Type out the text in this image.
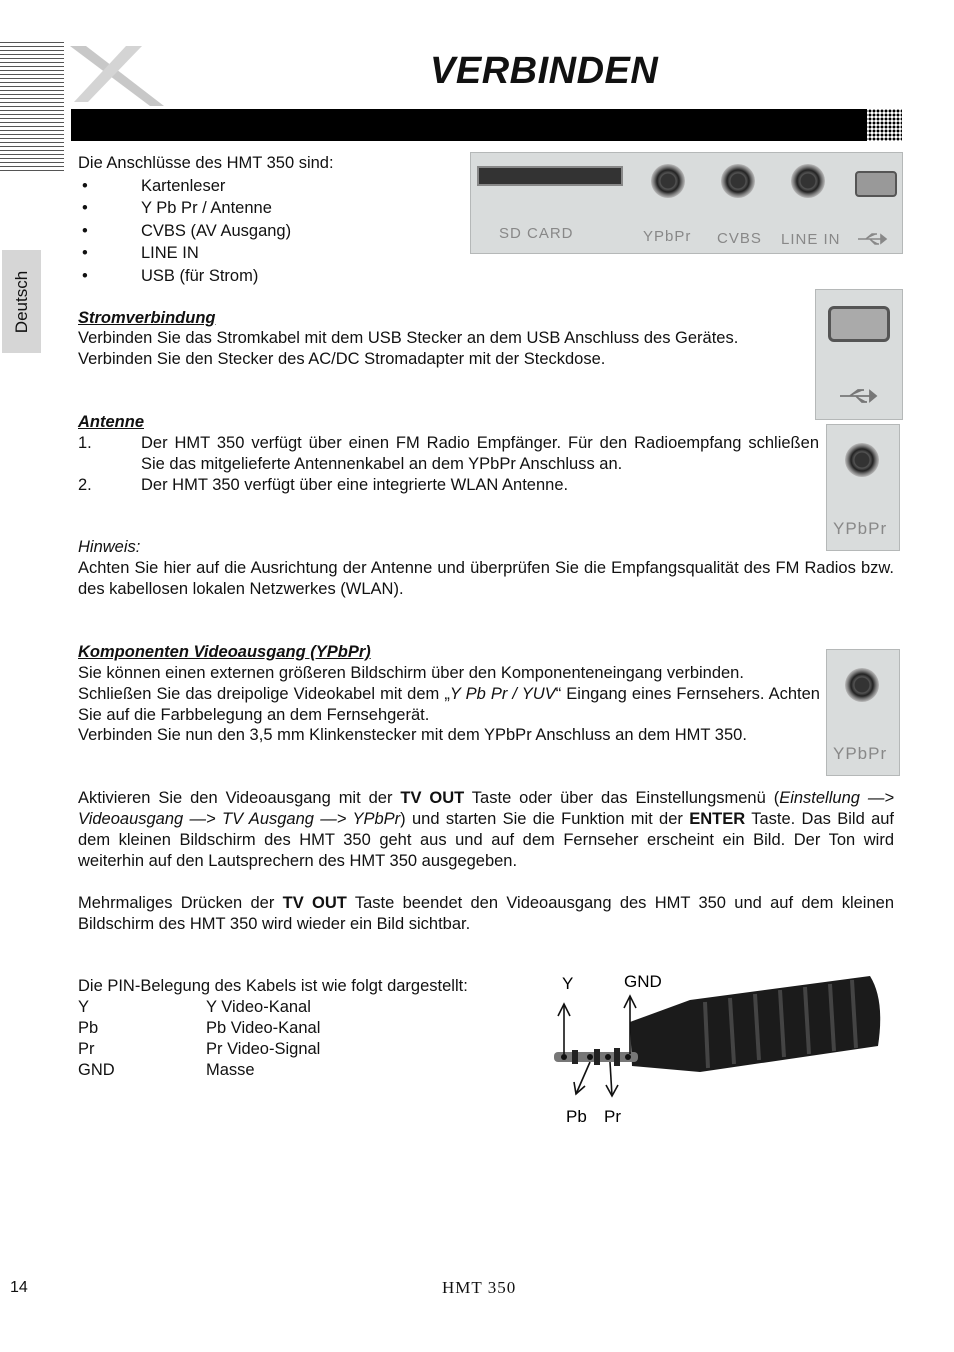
VERBINDEN
Deutsch
Die Anschlüsse des HMT 350 sind:
•	Kartenleser
•	Y Pb Pr / Antenne
•	CVBS (AV Ausgang)
•	LINE IN
•	USB (für Strom)
SD CARD	YPbPr CVBS LINE IN
Stromverbindung
Verbinden Sie das Stromkabel mit dem USB Stecker an dem USB Anschluss des Gerätes.
Verbinden Sie den Stecker des AC/DC Stromadapter mit der Steckdose.
Antenne
1.	Der HMT 350 verfügt über einen FM Radio Empfänger. Für den Radioempfang schließen Sie das mitgelieferte Antennenkabel an dem YPbPr Anschluss an.
2.	Der HMT 350 verfügt über eine integrierte WLAN Antenne.
YPbPr
Hinweis:
Achten Sie hier auf die Ausrichtung der Antenne und überprüfen Sie die Empfangsqualität des FM Radios bzw. des kabellosen lokalen Netzwerkes (WLAN).
Komponenten Videoausgang (YPbPr)
Sie können einen externen größeren Bildschirm über den Komponenteneingang verbinden.
Schließen Sie das dreipolige Videokabel mit dem „Y Pb Pr / YUV“ Eingang eines Fernsehers. Achten Sie auf die Farbbelegung an dem Fernsehgerät.
Verbinden Sie nun den 3,5 mm Klinkenstecker mit dem YPbPr Anschluss an dem HMT 350.
YPbPr
Aktivieren Sie den Videoausgang mit der TV OUT Taste oder über das Einstellungsmenü (Einstellung —> Videoausgang —> TV Ausgang —> YPbPr) und starten Sie die Funktion mit der ENTER Taste. Das Bild auf dem kleinen Bildschirm des HMT 350 geht aus und auf dem Fernseher erscheint ein Bild. Der Ton wird weiterhin auf den Lautsprechern des HMT 350 ausgegeben.
Mehrmaliges Drücken der TV OUT Taste beendet den Videoausgang des HMT 350 und auf dem kleinen Bildschirm des HMT 350 wird wieder ein Bild sichtbar.
Die PIN-Belegung des Kabels ist wie folgt dargestellt:
Y	Y Video-Kanal
Pb	Pb Video-Kanal
Pr	Pr Video-Signal
GND	Masse
Y	GND
Pb Pr
14	HMT 350
